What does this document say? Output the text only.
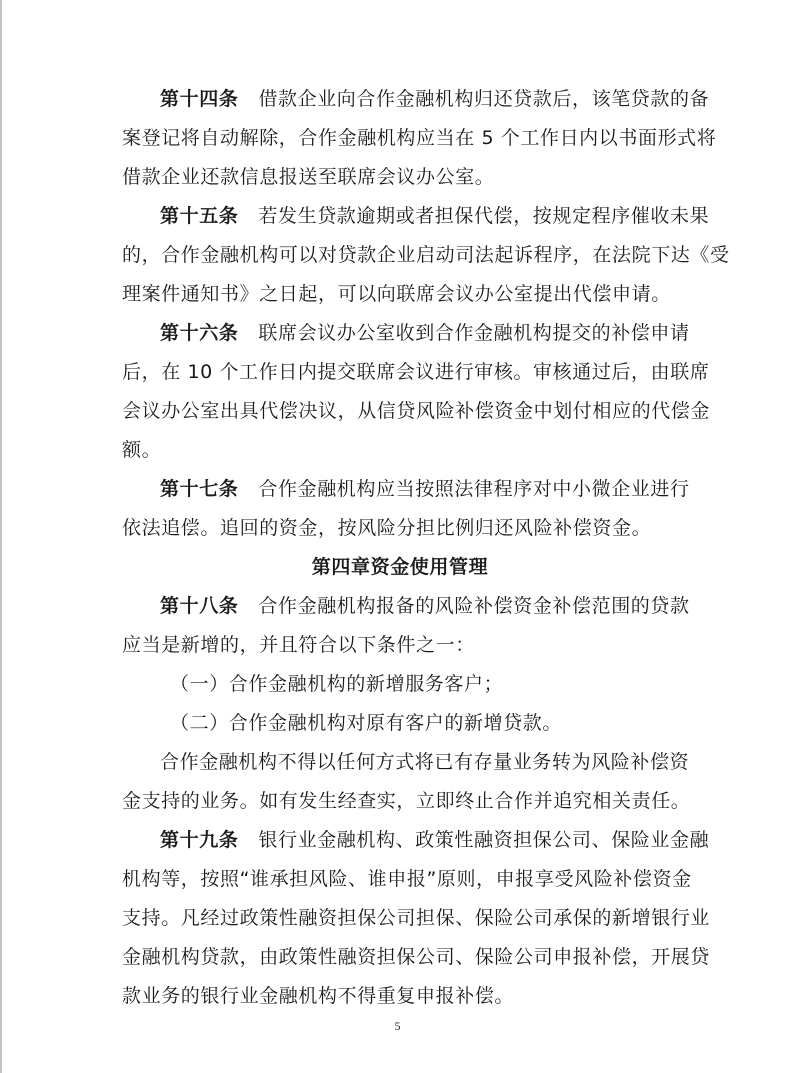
第十四条 借款企业向合作金融机构归还贷款后，该笔贷款的备
案登记将自动解除，合作金融机构应当在 5 个工作日内以书面形式将
借款企业还款信息报送至联席会议办公室。
第十五条 若发生贷款逾期或者担保代偿，按规定程序催收未果
的，合作金融机构可以对贷款企业启动司法起诉程序，在法院下达《受
理案件通知书》之日起，可以向联席会议办公室提出代偿申请。
第十六条 联席会议办公室收到合作金融机构提交的补偿申请
后，在 10 个工作日内提交联席会议进行审核。审核通过后，由联席
会议办公室出具代偿决议，从信贷风险补偿资金中划付相应的代偿金
额。
第十七条 合作金融机构应当按照法律程序对中小微企业进行
依法追偿。追回的资金，按风险分担比例归还风险补偿资金。
第四章资金使用管理
第十八条 合作金融机构报备的风险补偿资金补偿范围的贷款
应当是新增的，并且符合以下条件之一：
（一）合作金融机构的新增服务客户；
（二）合作金融机构对原有客户的新增贷款。
合作金融机构不得以任何方式将已有存量业务转为风险补偿资
金支持的业务。如有发生经查实，立即终止合作并追究相关责任。
第十九条 银行业金融机构、政策性融资担保公司、保险业金融
机构等，按照“谁承担风险、谁申报”原则，申报享受风险补偿资金
支持。凡经过政策性融资担保公司担保、保险公司承保的新增银行业
金融机构贷款，由政策性融资担保公司、保险公司申报补偿，开展贷
款业务的银行业金融机构不得重复申报补偿。
5
